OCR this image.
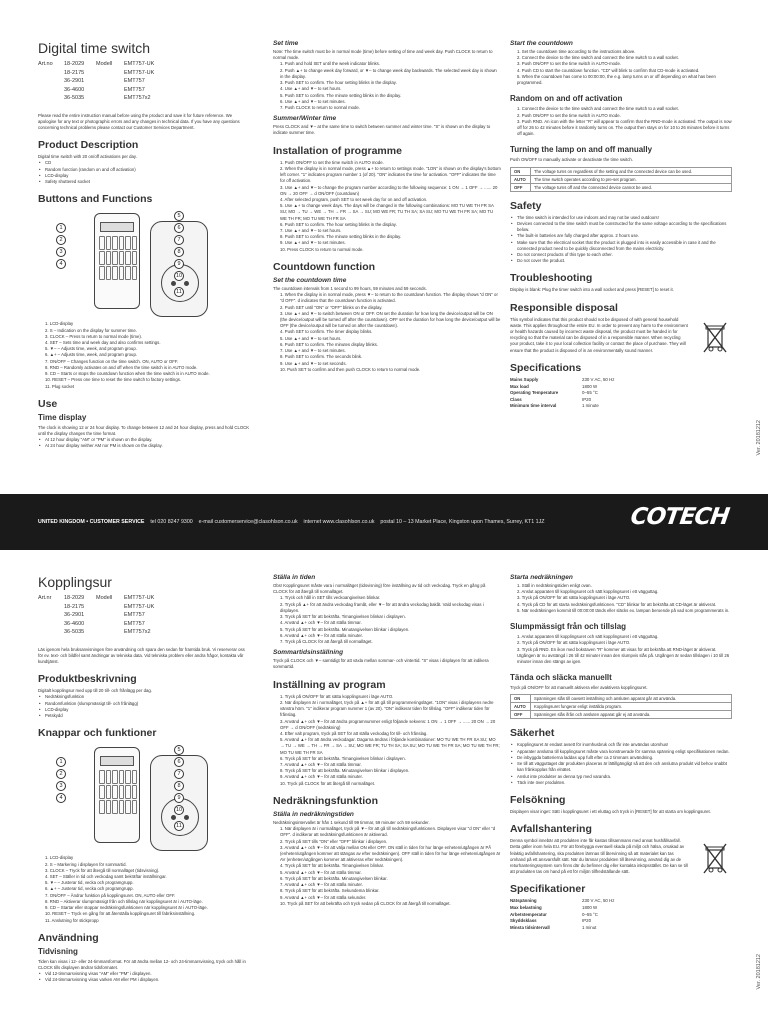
Digital time switch
Art.no	18-2029	Modell	EMT757-UK
18-2175	EMT757-UK
36-2901	EMT757
36-4600	EMT757
36-5035	EMT757x2

Please read the entire instruction manual before using the product and save it for future reference. We apologise for any text or photographic errors and any changes in technical data. If you have any questions concerning technical problems please contact our Customer Services Department.

Product Description

Digital time switch with 20 on/off activations per day.

• CD
• Random function (random on and off activation)
• LCD-display
• Safety shuttered socket
Buttons and Functions
1
2
3
4
5
6
7
8
9
10
11
1. LCD-display
2. S – Indication on the display for summer time.
3. CLOCK – Press to return to normal mode (time).
4. SET – Sets time and week day and also confirms settings.
5. ▼– – Adjusts time, week, and program group.
6. ▲+ – Adjusts time, week, and program group.
7. ON/OFF – Changes function on the time switch. ON, AUTO or OFF.
8. RND – Randomly activates on and off when the time switch is in AUTO mode.
9. CD – Starts or stops the countdown function when the time switch is in AUTO mode.
10. RESET – Press one time to reset the time switch to factory settings.
11. Plug socket
Use
Time display

The clock is showing 12 or 24 hour display. To change between 12 and 24 hour display, press and hold CLOCK until the display changes the time format.

• At 12 hour display "AM" or "PM" is shown on the display.
• At 24 hour display neither AM nor PM is shown on the display.
Set time

Note: The time switch must be in normal mode (time) before setting of time and week day. Push CLOCK to return to normal mode.

1. Push and hold SET until the week indicator blinks.
2. Push ▲+ to change week day forward, or ▼– to change week day backwards. The selected week day is shown in the display.
3. Push SET to confirm. The hour setting blinks in the display.
4. Use ▲+ and ▼– to set hours.
5. Push SET to confirm. The minute setting blinks in the display.
6. Use ▲+ and ▼– to set minutes.
7. Push CLOCK to return to normal mode.
Summer/Winter time

Press CLOCK and ▼– at the same time to switch between summer and winter time. "S" is shown on the display to indicate summer time.

Installation of programme
1. Push ON/OFF to set the time switch in AUTO mode.
2. When the display is in normal mode, press ▲+ to return to settings mode. "1ON" is shown on the display's bottom left corner. "1" indicates program number 1 (of 20). "ON" indicates the time for activation. "OFF" indicates the time for off activation.
3. Use ▲+ and ▼– to change the program number according to the following sequence: 1 ON → 1 OFF → ...... 20 ON → 20 OFF → d ON/OFF (countdown)
4. After selected program, push SET to set week day for on and off activation.
5. Use ▲+ to change week days. The days will be changed in the following combinations: MO TU WE TH FR SA SU; MO → TU → WE → TH → FR → SA → SU; MO WE FR; TU TH SA; SA SU; MO TU WE TH FR SA; MO TU WE TH FR; MO TU WE TH FR SA
6. Push SET to confirm. The hour setting blinks in the display.
7. Use ▲+ and ▼– to set hours.
8. Push SET to confirm. The minute setting blinks in the display.
9. Use ▲+ and ▼– to set minutes.
10. Press CLOCK to return to normal mode.
Countdown function
Set the countdown time

The countdown intervals from 1 second to 99 hours, 59 minutes and 59 seconds.

1. When the display is in normal mode, press ▼– to return to the countdown function. The display shows "d ON" or "d OFF". d indicates that the countdown function is activated.
2. Push SET until "ON" or "OFF" blinks on the display.
3. Use ▲+ and ▼– to switch between ON or OFF. ON set the duration for how long the device/output will be ON (the device/output will be turned off after the countdown). OFF set the duration for how long the device/output will be OFF (the device/output will be turned on after the countdown).
4. Push SET to confirm. The timer display blinks.
5. Use ▲+ and ▼– to set hours.
6. Push SET to confirm. The minutes display blinks.
7. Use ▲+ and ▼– to set minutes.
8. Push SET to confirm. The seconds blink.
9. Use ▲+ and ▼– to set seconds.
10. Push SET to confirm and then push CLOCK to return to normal mode.
Start the countdown
1. Set the countdown time according to the instructions above.
2. Connect the device to the time switch and connect the time switch to a wall socket.
3. Push ON/OFF to set the time switch in AUTO-mode.
4. Push CD to start the countdown function. "CD" will blink to confirm that CD-mode is activated.
5. When the countdown has come to 00:00:00, the e.g. lamp turns on or off depending on what has been programmed.
Random on and off activation
1. Connect the device to the time switch and connect the time switch to a wall socket.
2. Push ON/OFF to set the time switch in AUTO mode.
3. Push RND. An icon with the letter "R" will appear to confirm that the RND-mode is activated. The output is now off for 26 to 42 minutes before it randomly turns on. The output then stays on for 10 to 26 minutes before it turns off again.
Turning the lamp on and off manually

Push ON/OFF to manually activate or deactivate the time switch.

ON	The voltage turns on regardless of the setting and the connected device can be used.
AUTO	The time switch operates according to pre-set program.
OFF	The voltage turns off and the connected device cannot be used.
Safety
• The time switch is intended for use indoors and may not be used outdoors!
• Devices connected to the time switch must be constructed for the same voltage according to the specifications below.
• The built-in batteries are fully charged after approx. 2 hours use.
• Make sure that the electrical socket that the product is plugged into is easily accessible in case it and the connected product need to be quickly disconnected from the mains electricity.
• Do not connect products of this type to each other.
• Do not cover the product.
Troubleshooting

Display is blank: Plug the timer switch into a wall socket and press [RESET] to reset it.

Responsible disposal

This symbol indicates that this product should not be disposed of with general household waste. This applies throughout the entire EU. In order to prevent any harm to the environment or health hazards caused by incorrect waste disposal, the product must be handed in for recycling so that the material can be disposed of in a responsible manner. When recycling your product, take it to your local collection facility or contact the place of purchase. They will ensure that the product is disposed of in an environmentally sound manner.

Specifications
Mains Supply	230 V AC, 50 Hz
Max load	1800 W
Operating Temperature	0–55 °C
Class	IP20
Minimum time interval	1 minute
Ver. 20181212
UNITED KINGDOM • CUSTOMER SERVICE tel 020 8247 9300 e-mail customerservice@clasohlson.co.uk internet www.clasohlson.co.uk postal 10 – 13 Market Place, Kingston upon Thames, Surrey, KT1 1JZ	COTECH
Kopplingsur
Art.nr	18-2029	Modell	EMT757-UK
18-2175	EMT757-UK
36-2901	EMT757
36-4600	EMT757
36-5035	EMT757x2

Läs igenom hela bruksanvisningen före användning och spara den sedan för framtida bruk. Vi reserverar oss för ev. text- och bildfel samt ändringar av tekniska data. Vid tekniska problem eller andra frågor, kontakta vår kundtjänst.

Produktbeskrivning

Digitalt kopplingsur med upp till 20 till- och frånlägg per dag.

• Nedräkningsfunktion
• Randomfunktion (slumpmässigt till- och frånlägg)
• LCD-display
• Petskydd
Knappar och funktioner
1
2
3
4
5
6
7
8
9
10
11
1. LCD-display
2. S – Markering i displayen för sommartid.
3. CLOCK – Tryck för att återgå till normalläget (tidsvisning).
4. SET – Ställer in tid och veckodag samt bekräftar inställningar.
5. ▼– – Justerar tid, vecka och programgrupp.
6. ▲+ – Justerar tid, vecka och programgrupp.
7. ON/OFF – Ändrar funktion på kopplingsuret. ON, AUTO eller OFF.
8. RND – Aktiverar slumpmässigt från och tillslag när kopplingsuret är i AUTO-läge.
9. CD – Startar eller stoppar nedräkningsfunktionen när kopplingsuret är i AUTO-läge.
10. RESET – Tryck en gång för att återställa kopplingsuret till fabriksinställning.
11. Anslutning för stickpropp
Användning
Tidvisning

Tiden kan visas i 12- eller 24-timmarsformat. För att ändra mellan 12- och 24-timmarsvisning, tryck och håll in CLOCK tills displayen ändrar tidsformatet.

• Vid 12-timmarsvisning visas "AM" eller "PM" i displayen.
• Vid 24-timmarsvisning visas varken AM eller PM i displayen.
Ställa in tiden

Obs! Kopplingsuret måste vara i normalläget (tidsvisning) före inställning av tid och veckodag. Tryck en gång på CLOCK för att återgå till normalläget.

1. Tryck och håll in SET tills veckoangivelsen blinkar.
2. Tryck på ▲+ för att ändra veckodag framåt, eller ▼– för att ändra veckodag bakåt. Vald veckodag visas i displayen.
3. Tryck på SET för att bekräfta. Timangivelsen blinkar i displayen.
4. Använd ▲+ och ▼– för att ställa timmar.
5. Tryck på SET för att bekräfta. Minutangivelsen blinkar i displayen.
6. Använd ▲+ och ▼– för att ställa minuter.
7. Tryck på CLOCK för att återgå till normalläget.
Sommartidsinställning

Tryck på CLOCK och ▼– samtidigt för att växla mellan sommar- och vintertid. "S" visas i displayen för att indikera sommartid.

Inställning av program
1. Tryck på ON/OFF för att sätta kopplingsuret i läge AUTO.
2. När displayen är i normalläget, tryck på ▲+ för att gå till programmeringsläget. "1ON" visas i displayens nedre vänstra hörn. "1" indikerar program nummer 1 (av 20). "ON" indikerar tiden för tillslag. "OFF" indikerar tiden för frånslag.
3. Använd ▲+ och ▼– för att ändra programnummer enligt följande sekvens: 1 ON → 1 OFF → ...... 20 ON → 20 OFF → d ON/OFF (nedräkning)
4. Efter valt program, tryck på SET för att ställa veckodag för till- och frånslag.
5. Använd ▲+ för att ändra veckodagar. Dagarna ändras i följande kombinationer: MO TU WE TH FR SA SU; MO → TU → WE → TH → FR → SA → SU; MO WE FR; TU TH SA; SA SU; MO TU WE TH FR SA; MO TU WE TH FR; MO TU WE TH FR SA
6. Tryck på SET för att bekräfta. Timangivelsen blinkar i displayen.
7. Använd ▲+ och ▼– för att ställa timmar.
8. Tryck på SET för att bekräfta. Minutangivelsen blinkar i displayen.
9. Använd ▲+ och ▼– för att ställa minuter.
10. Tryck på CLOCK för att återgå till normalläget.
Nedräkningsfunktion
Ställa in nedräkningstiden

Nedräkningsintervallet är från 1 sekund till 99 timmar, 59 minuter och 59 sekunder.

1. När displayen är i normalläget, tryck på ▼– för att gå till nedräkningsfunktionen. Displayen visar "d ON" eller "d OFF". d indikerar att nedräkningsfunktionen är aktiverad.
2. Tryck på SET tills "ON" eller "OFF" blinkar i displayen.
3. Använd ▲+ och ▼– för att välja mellan ON eller OFF. ON ställ in tiden för hur länge enheten/utgången är PÅ (enheten/utgången kommer att stängas av efter nedräkningen). OFF ställ in tiden för hur länge enheten/utgången är AV (enheten/utgången kommer att aktiveras efter nedräkningen).
4. Tryck på SET för att bekräfta. Timangivelsen blinkar.
5. Använd ▲+ och ▼– för att ställa timmar.
6. Tryck på SET för att bekräfta. Minutangivelsen blinkar.
7. Använd ▲+ och ▼– för att ställa minuter.
8. Tryck på SET för att bekräfta. Sekundema blinkar.
9. Använd ▲+ och ▼– för att ställa sekunder.
10. Tryck på SET för att bekräfta och tryck sedan på CLOCK för att återgå till normalläget.
Starta nedräkningen
1. Ställ in nedräkningstiden enligt ovan.
2. Anslut apparaten till kopplingsuret och sätt kopplingsuret i ett vägguttag.
3. Tryck på ON/OFF för att sätta kopplingsuret i läge AUTO.
4. Tryck på CD för att starta nedräkningsfunktionen. "CD" blinkar för att bekräfta att CD-läget är aktiverat.
5. När nedräkningen kommit till 00:00:00 tänds eller släcks ex. lampan beroende på vad som programmerats in.
Slumpmässigt från och tillslag
1. Anslut apparaten till kopplingsuret och sätt kopplingsuret i ett vägguttag.
2. Tryck på ON/OFF för att sätta kopplingsuret i läge AUTO.
3. Tryck på RND. En ikon med bokstaven "R" kommer att visas för att bekräfta att RND-läget är aktiverat. Utgången är nu avstängd i 26 till 42 minuter innan den slumpvis slås på. Utgången är sedan tillslagen i 10 till 26 minuter innan den stängs av igen.
Tända och släcka manuellt

Tryck på ON/OFF för att manuellt aktivera eller avaktivera kopplingsuret.

ON	Spänningen slås till oavsett inställning och ansluten apparat går att använda.
AUTO	Kopplingsuret fungerar enligt inställda program.
OFF	Spänningen slås ifrån och ansluten apparat går ej att använda.
Säkerhet
• Kopplingsuret är endast avsett för inomhusbruk och får inte användas utomhus!
• Apparater anslutna till kopplingsuret måste vara konstruerade för samma spänning enligt specifikationen nedan.
• De inbyggda batterierna laddas upp fullt efter ca 2 timmars användning.
• Se till att vägguttaget där produkten placeras är lättillgängligt så att den och anslutna produkt vid behov snabbt kan frånkopplas från elnätet.
• Anslut inte produkter av denna typ med varandra.
• Täck inte över produkten.
Felsökning

Displayen visar inget: Sätt i kopplingsuret i ett eluttag och tryck in [RESET] för att starta om kopplingsuret.

Avfallshantering

Denna symbol innebär att produkten inte får kastas tillsammans med annat hushållsavfall. Detta gäller inom hela EU. För att förebygga eventuell skada på miljö och hälsa, orsakad av felaktig avfallshantering, ska produkten lämnas till återvinning så att materialet kan tas omhand på ett ansvarsfullt sätt. När du lämnar produkten till återvinning, använd dig av de returhanteringssystem som finns där du befinner dig eller kontakta inköpsstället. De kan se till att produkten tas om hand på ett för miljön tillfredställande sätt.

Specifikationer
Nätspänning	230 V AC, 50 Hz
Max belastning	1800 W
Arbetstemperatur	0–55 °C
Skyddsklass	IP20
Minsta tidsintervall	1 minut
Ver. 20181212
